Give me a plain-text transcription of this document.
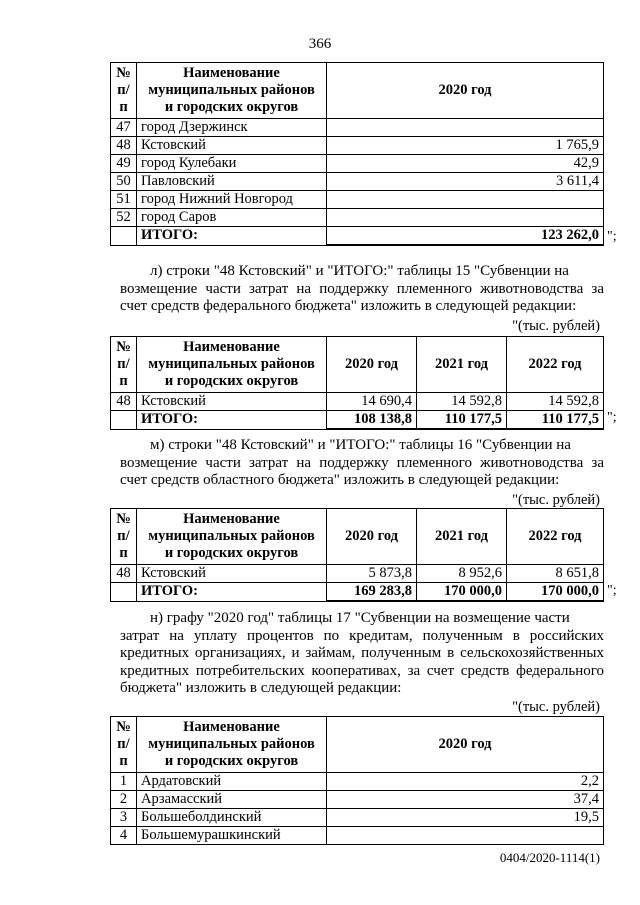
366
№
п/п	Наименование
муниципальных районов
и городских округов	2020 год
47	город Дзержинск	
48	Кстовский	1 765,9
49	город Кулебаки	42,9
50	Павловский	3 611,4
51	город Нижний Новгород	
52	город Саров	
	ИТОГО:	123 262,0 ";
л) строки "48 Кстовский" и "ИТОГО:" таблицы 15 "Субвенции на
возмещение части затрат на поддержку племенного животноводства за счет средств федерального бюджета" изложить в следующей редакции:
"(тыс. рублей)
№
п/п	Наименование
муниципальных районов
и городских округов	2020 год	2021 год	2022 год
48	Кстовский	14 690,4	14 592,8	14 592,8
	ИТОГО:	108 138,8	110 177,5	110 177,5 ";
м) строки "48 Кстовский" и "ИТОГО:" таблицы 16 "Субвенции на
возмещение части затрат на поддержку племенного животноводства за счет средств областного бюджета" изложить в следующей редакции:
"(тыс. рублей)
№
п/п	Наименование
муниципальных районов
и городских округов	2020 год	2021 год	2022 год
48	Кстовский	5 873,8	8 952,6	8 651,8
	ИТОГО:	169 283,8	170 000,0	170 000,0 ";
н) графу "2020 год" таблицы 17 "Субвенции на возмещение части
затрат на уплату процентов по кредитам, полученным в российских кредитных организациях, и займам, полученным в сельскохозяйственных кредитных потребительских кооперативах, за счет средств федерального бюджета" изложить в следующей редакции:
"(тыс. рублей)
№
п/п	Наименование
муниципальных районов
и городских округов	2020 год
1	Ардатовский	2,2
2	Арзамасский	37,4
3	Большеболдинский	19,5
4	Большемурашкинский	
0404/2020-1114(1)
